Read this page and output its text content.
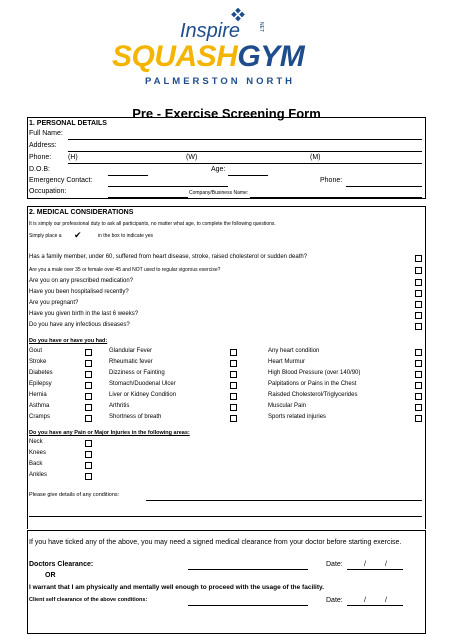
Inspire	NET
SQUASHGYM
PALMERSTON NORTH
Pre - Exercise Screening Form
1. PERSONAL DETAILS
Full Name:
Address:
Phone: (H)	(W)	(M)
D.O.B:	Age:
Emergency Contact:	Phone:
Occupation:	Company/Business Name:
2. MEDICAL CONSIDERATIONS
It is simply our professional duty to ask all participants, no matter what age, to complete the following questions.
Simply place a ✔	in the box to indicate yes
Has a family member, under 60, suffered from heart disease, stroke, raised cholesterol or sudden death?
Are you a male over 35 or female over 45 and NOT used to regular vigorous exercise?
Are you on any prescribed medication?
Have you been hospitalised recently?
Are you pregnant?
Have you given birth in the last 6 weeks?
Do you have any infectious diseases?
Do you have or have you had:
Gout	Glandular Fever	Any heart condition
Stroke	Rheumatic fever	Heart Murmur
Diabetes	Dizziness or Fainting	High Blood Pressure (over 140/90)
Epilepsy	Stomach/Duodenal Ulcer	Palpitations or Pains in the Chest
Hernia	Liver or Kidney Condition	Raisded Cholesterol/Triglycerides
Asthma	Arthritis	Muscular Pain
Cramps	Shortness of breath	Sports related injuries
Do you have any Pain or Major Injuries in the following areas:
Neck
Knees
Back
Ankles
Please give details of any conditions:
If you have ticked any of the above, you may need a signed medical clearance from your doctor before starting exercise.
Doctors Clearance:	Date:	/	/
OR
I warrant that I am physically and mentally well enough to proceed with the usage of the facility.
Client self clearance of the above conditions:	Date:	/	/
